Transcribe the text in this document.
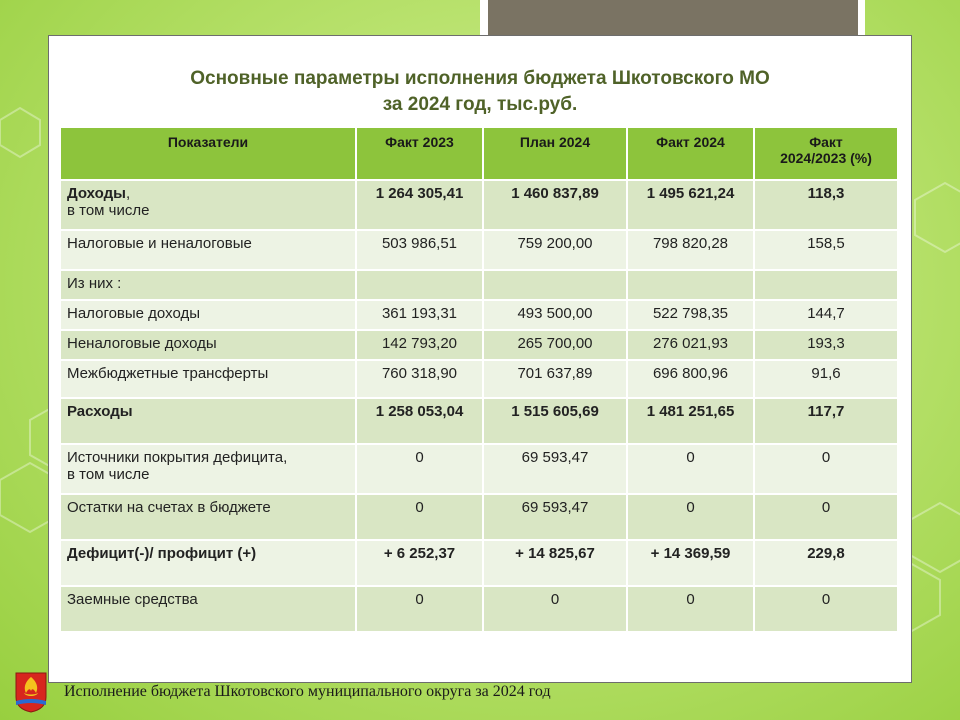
Основные параметры исполнения бюджета Шкотовского МО
за 2024 год, тыс.руб.
Показатели	Факт 2023	План 2024	Факт 2024	Факт
2024/2023 (%)

Доходы,
в том числе	1 264 305,41	1 460 837,89	1 495 621,24	118,3
Налоговые и неналоговые	503 986,51	759 200,00	798 820,28	158,5
Из них :				
Налоговые доходы	361 193,31	493 500,00	522 798,35	144,7
Неналоговые доходы	142 793,20	265 700,00	276 021,93	193,3
Межбюджетные трансферты	760 318,90	701 637,89	696 800,96	91,6
Расходы	1 258 053,04	1 515 605,69	1 481 251,65	117,7

Источники покрытия дефицита,
в том числе	0	69 593,47	0	0
Остатки на счетах в бюджете	0	69 593,47	0	0
Дефицит(-)/ профицит (+)	+ 6 252,37	+ 14 825,67	+ 14 369,59	229,8
Заемные средства	0	0	0	0
Исполнение бюджета Шкотовского муниципального округа за 2024 год
